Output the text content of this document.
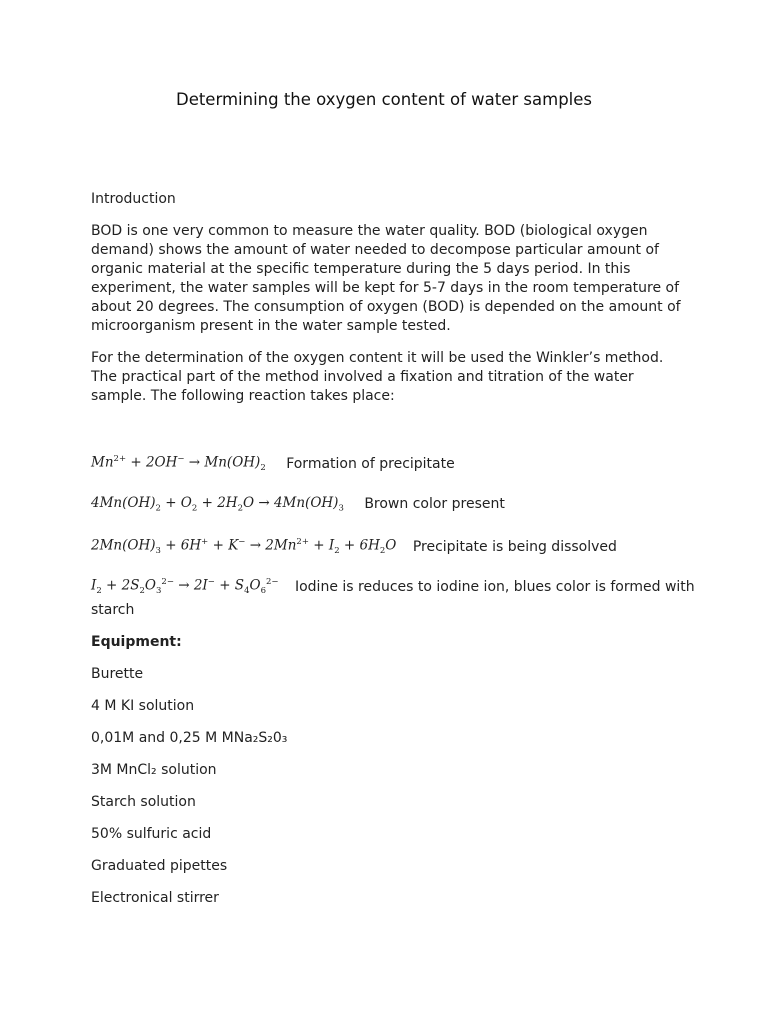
Determining the oxygen content of water samples
Introduction
BOD is one very common to measure the water quality. BOD (biological oxygen demand) shows the amount of water needed to decompose particular amount of organic material at the specific temperature during the 5 days period. In this experiment, the water samples will be kept for 5-7 days in the room temperature of about 20 degrees. The consumption of oxygen (BOD) is depended on the amount of microorganism present in the water sample tested.
For the determination of the oxygen content it will be used the Winkler’s method. The practical part of the method involved a fixation and titration of the water sample. The following reaction takes place:
$Mn^{2+} + 2OH^- \to Mn(OH)_2$ Formation of precipitate
$4Mn(OH)_2 + O_2 + 2H_2O \to 4Mn(OH)_3$ Brown color present
$2Mn(OH)_3 + 6H^+ + K^- \to 2Mn^{2+} + I_2 + 6H_2O$ Precipitate is being dissolved
$I_2 + 2S_2O_3^{2-} \to 2I^- + S_4O_6^{2-}$ Iodine is reduces to iodine ion, blues color is formed with
starch
Equipment:
Burette
4 M KI solution
0,01M and 0,25 M MNa₂S₂0₃
3M MnCl₂ solution
Starch solution
50% sulfuric acid
Graduated pipettes
Electronical stirrer
